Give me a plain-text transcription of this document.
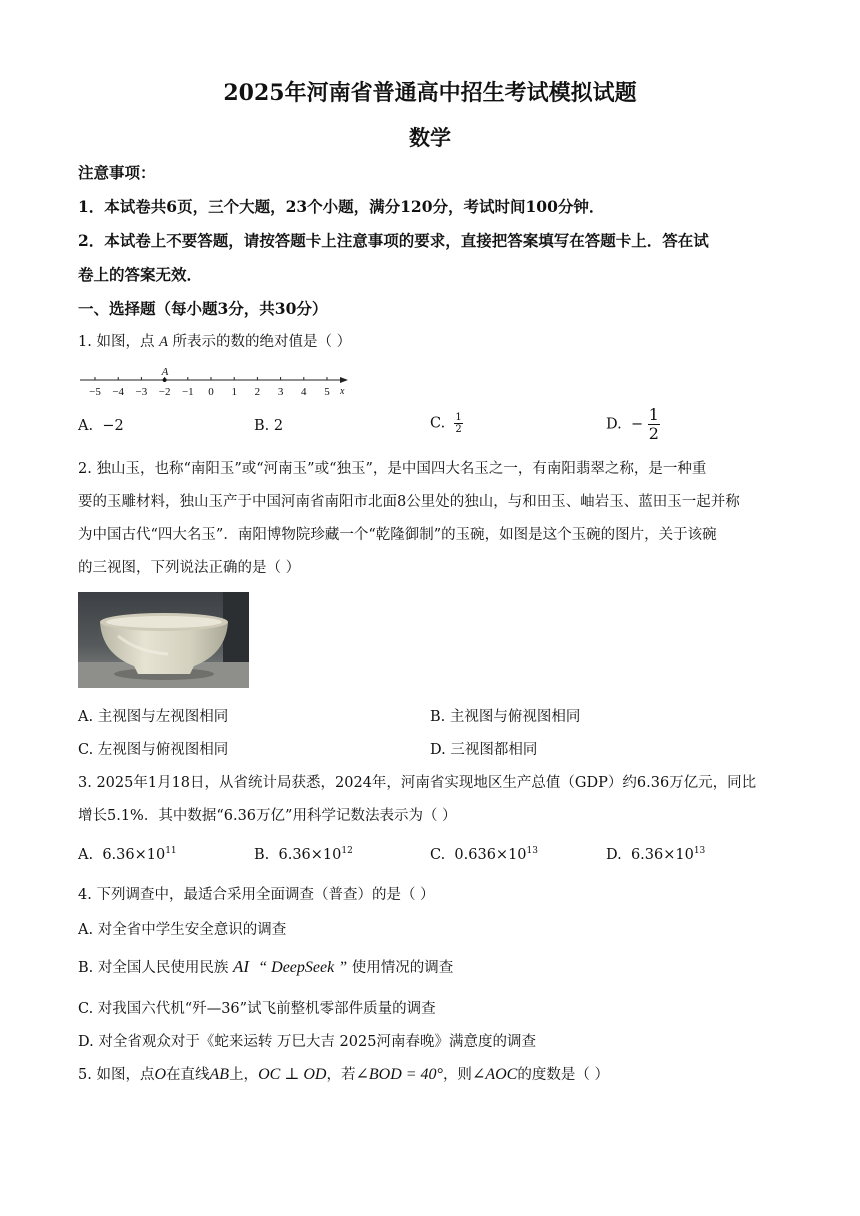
2025年河南省普通高中招生考试模拟试题
数学
注意事项：
1．本试卷共6页，三个大题，23个小题，满分120分，考试时间100分钟．
2．本试卷上不要答题，请按答题卡上注意事项的要求，直接把答案填写在答题卡上．答在试
卷上的答案无效．
一、选择题（每小题3分，共30分）
1. 如图，点 A 所表示的数的绝对值是（ ）
−5 −4 −3 −2 −1 0 1 2 3 4 5
A
x
A. −2	B. 2	C. $\frac{1}{2}$	D. − $\frac{1}{2}$
2. 独山玉，也称“南阳玉”或“河南玉”或“独玉”，是中国四大名玉之一，有南阳翡翠之称，是一种重
要的玉雕材料，独山玉产于中国河南省南阳市北面8公里处的独山，与和田玉、岫岩玉、蓝田玉一起并称
为中国古代“四大名玉”．南阳博物院珍藏一个“乾隆御制”的玉碗，如图是这个玉碗的图片，关于该碗
的三视图，下列说法正确的是（ ）
A. 主视图与左视图相同	B. 主视图与俯视图相同
C. 左视图与俯视图相同	D. 三视图都相同
3. 2025年1月18日，从省统计局获悉，2024年，河南省实现地区生产总值（GDP）约6.36万亿元，同比
增长5.1%．其中数据“6.36万亿”用科学记数法表示为（ ）
A. $6.36\times 10^{11}$	B. $6.36\times 10^{12}$	C. $0.636\times 10^{13}$	D. $6.36\times 10^{13}$
4. 下列调查中，最适合采用全面调查（普查）的是（ ）
A. 对全省中学生安全意识的调查
B. 对全国人民使用民族 AI “ DeepSeek ” 使用情况的调查
C. 对我国六代机“歼—36”试飞前整机零部件质量的调查
D. 对全省观众对于《蛇来运转 万巳大吉 2025河南春晚》满意度的调查
5. 如图，点O在直线AB上，OC ⊥ OD，若∠BOD = 40°，则∠AOC的度数是（ ）
